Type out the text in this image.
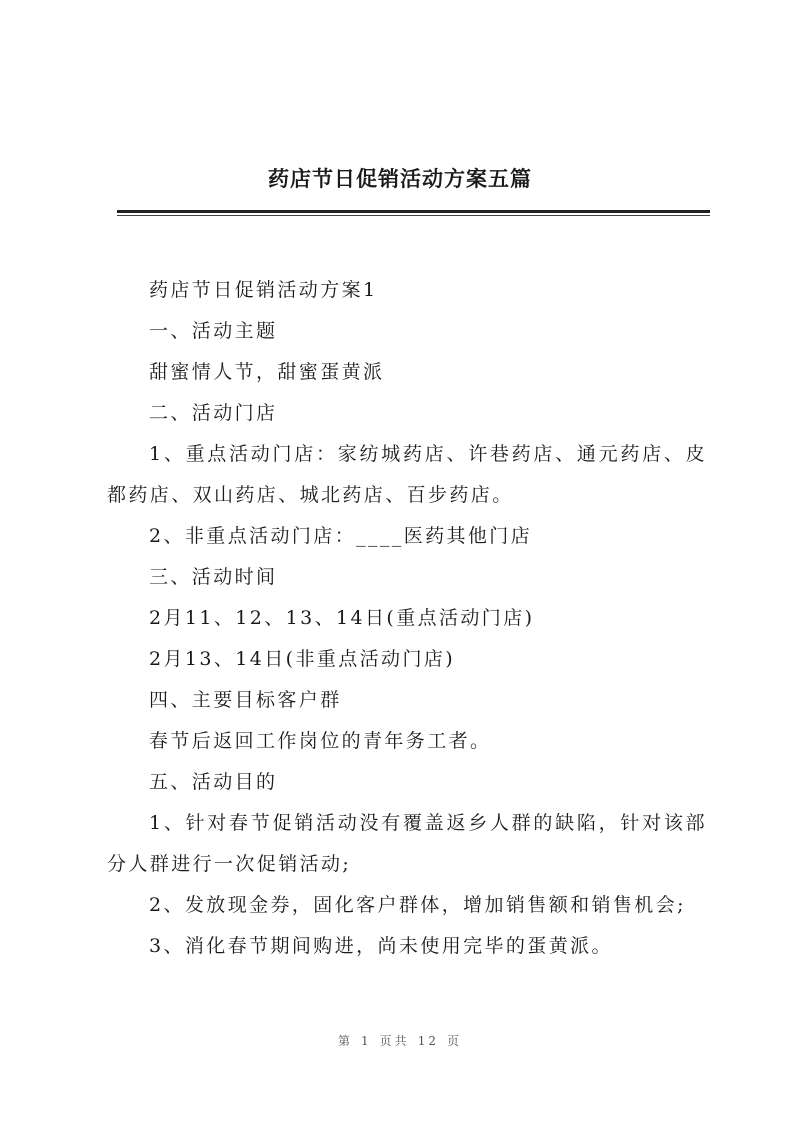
药店节日促销活动方案五篇

药店节日促销活动方案1

一、活动主题

甜蜜情人节，甜蜜蛋黄派

二、活动门店

1、重点活动门店：家纺城药店、许巷药店、通元药店、皮都药店、双山药店、城北药店、百步药店。

2、非重点活动门店：____医药其他门店

三、活动时间

2月11、12、13、14日(重点活动门店)

2月13、14日(非重点活动门店)

四、主要目标客户群

春节后返回工作岗位的青年务工者。

五、活动目的

1、针对春节促销活动没有覆盖返乡人群的缺陷，针对该部分人群进行一次促销活动;

2、发放现金券，固化客户群体，增加销售额和销售机会;

3、消化春节期间购进，尚未使用完毕的蛋黄派。

第 1 页共 12 页
